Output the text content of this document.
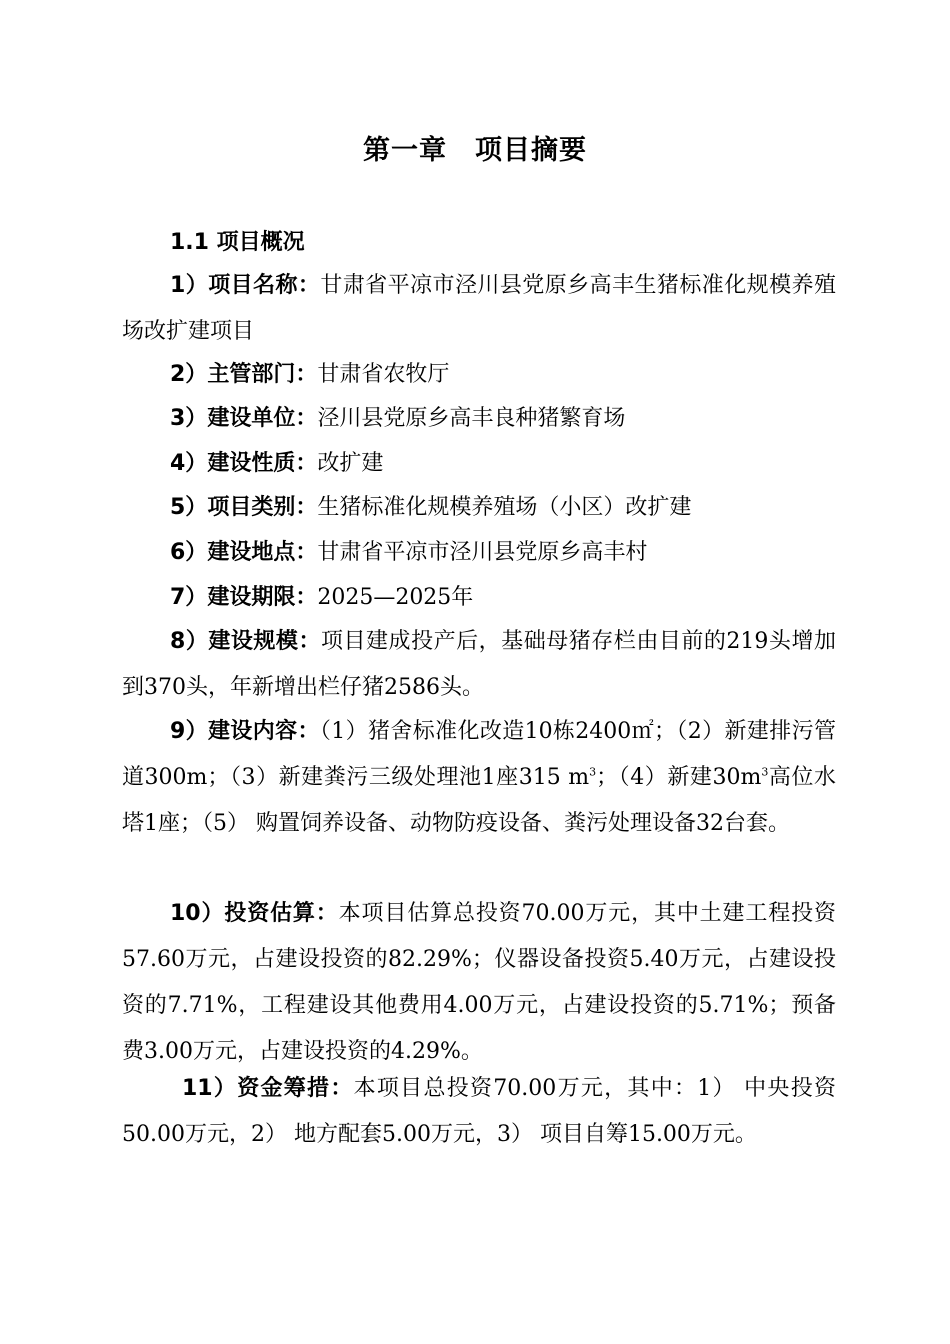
第一章　项目摘要
1.1 项目概况
1）项目名称：甘肃省平凉市泾川县党原乡高丰生猪标准化规模养殖场改扩建项目
2）主管部门：甘肃省农牧厅
3）建设单位：泾川县党原乡高丰良种猪繁育场
4）建设性质：改扩建
5）项目类别：生猪标准化规模养殖场（小区）改扩建
6）建设地点：甘肃省平凉市泾川县党原乡高丰村
7）建设期限：2025—2025年
8）建设规模：项目建成投产后，基础母猪存栏由目前的219头增加到370头，年新增出栏仔猪2586头。
9）建设内容：（1）猪舍标准化改造10栋2400㎡；（2）新建排污管道300m；（3）新建粪污三级处理池1座315 $m^3$；（4）新建$30m^3$高位水塔1座；（5） 购置饲养设备、动物防疫设备、粪污处理设备32台套。
10）投资估算：本项目估算总投资70.00万元，其中土建工程投资57.60万元，占建设投资的82.29%；仪器设备投资5.40万元，占建设投资的7.71%，工程建设其他费用4.00万元，占建设投资的5.71%；预备费3.00万元，占建设投资的4.29%。
11）资金筹措：本项目总投资70.00万元，其中：1） 中央投资50.00万元，2） 地方配套5.00万元，3） 项目自筹15.00万元。
